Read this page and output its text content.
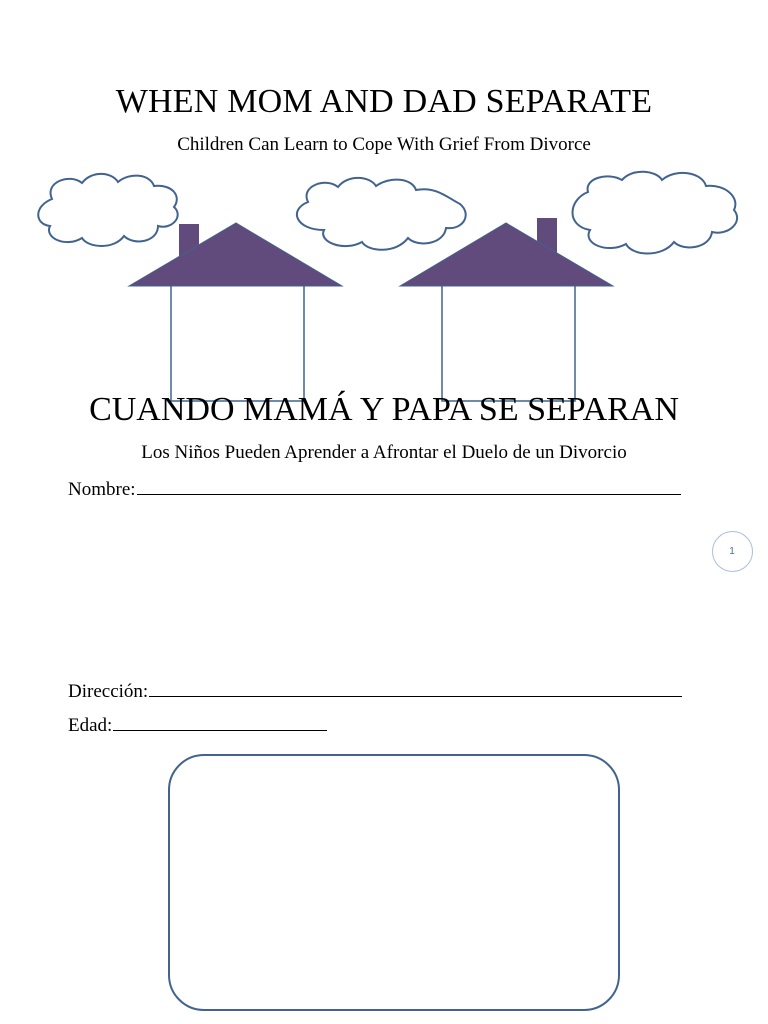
WHEN MOM AND DAD SEPARATE
Children Can Learn to Cope With Grief From Divorce
CUANDO MAMÁ Y PAPA SE SEPARAN
Los Niños Pueden Aprender a Afrontar el Duelo de un Divorcio
Nombre:
1
Dirección:
Edad:
